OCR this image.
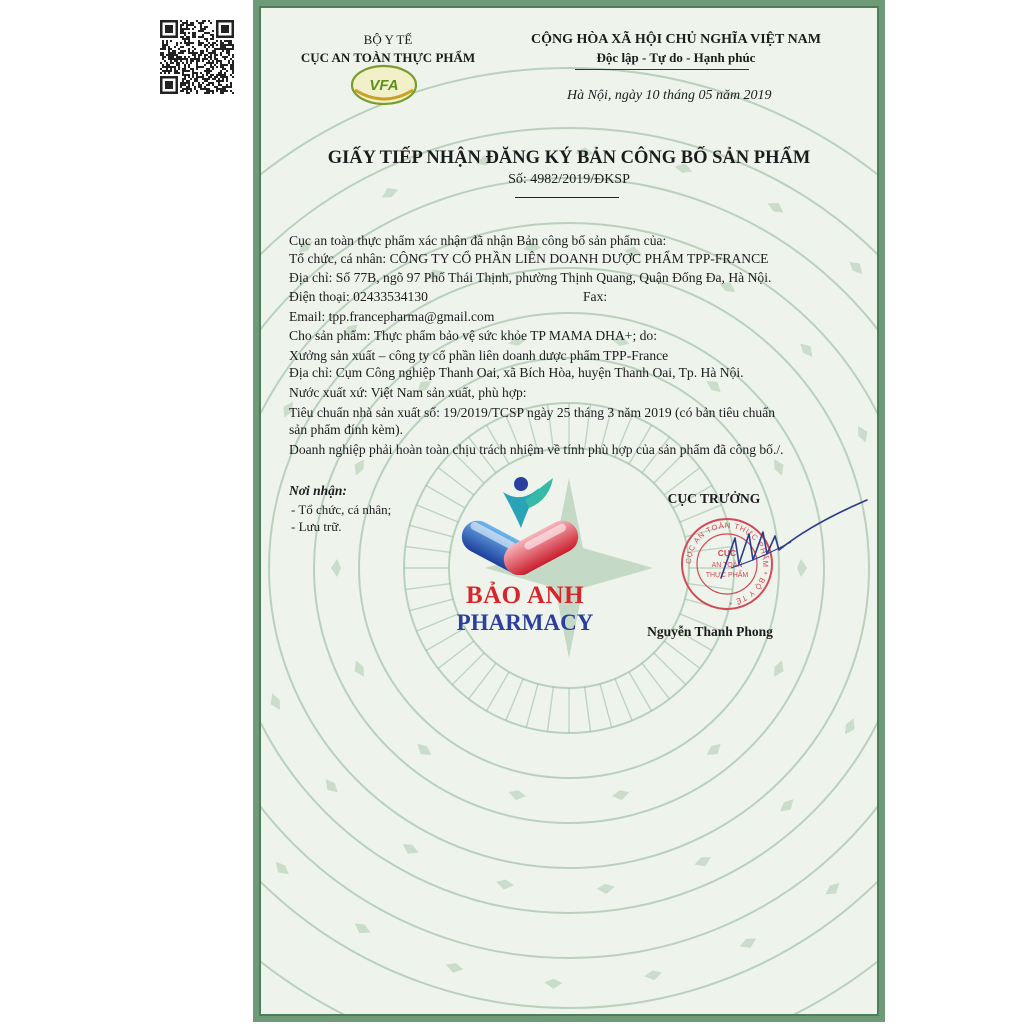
BỘ Y TẾ
CỤC AN TOÀN THỰC PHẨM
VFA
CỘNG HÒA XÃ HỘI CHỦ NGHĨA VIỆT NAM
Độc lập - Tự do - Hạnh phúc
Hà Nội, ngày 10 tháng 05 năm 2019
GIẤY TIẾP NHẬN ĐĂNG KÝ BẢN CÔNG BỐ SẢN PHẨM
Số: 4982/2019/ĐKSP
Cục an toàn thực phẩm xác nhận đã nhận Bản công bố sản phẩm của:
Tổ chức, cá nhân: CÔNG TY CỔ PHẦN LIÊN DOANH DƯỢC PHẨM TPP-FRANCE
Địa chỉ: Số 77B, ngõ 97 Phố Thái Thịnh, phường Thịnh Quang, Quận Đống Đa, Hà Nội.
Điện thoại: 02433534130	Fax:
Email: tpp.francepharma@gmail.com
Cho sản phẩm: Thực phẩm bảo vệ sức khỏe TP MAMA DHA+; do:
Xưởng sản xuất – công ty cổ phần liên doanh dược phẩm TPP-France
Địa chỉ: Cụm Công nghiệp Thanh Oai, xã Bích Hòa, huyện Thanh Oai, Tp. Hà Nội.
Nước xuất xứ: Việt Nam sản xuất, phù hợp:
Tiêu chuẩn nhà sản xuất số: 19/2019/TCSP ngày 25 tháng 3 năm 2019 (có bản tiêu chuẩn
sản phẩm đính kèm).
Doanh nghiệp phải hoàn toàn chịu trách nhiệm về tính phù hợp của sản phẩm đã công bố./.
Nơi nhận:
- Tổ chức, cá nhân;
- Lưu trữ.
BẢO ANH
PHARMACY
CỤC TRƯỞNG
CỤC AN TOÀN THỰC PHẨM * BỘ Y TẾ *
CỤC
AN TOÀN
THỰC PHẨM
Nguyễn Thanh Phong
